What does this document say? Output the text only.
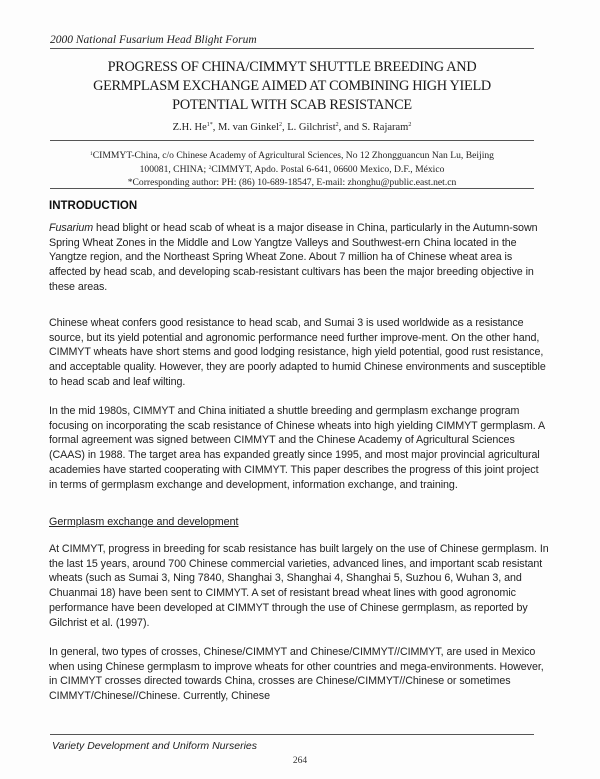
2000 National Fusarium Head Blight Forum
PROGRESS OF CHINA/CIMMYT SHUTTLE BREEDING AND
GERMPLASM EXCHANGE AIMED AT COMBINING HIGH YIELD
POTENTIAL WITH SCAB RESISTANCE
Z.H. $He^{1*}$, M. van Ginkel$^2$, L. Gilchrist$^2$, and S. Rajaram$^2$
$^1$CIMMYT-China, c/o Chinese Academy of Agricultural Sciences, No 12 Zhongguancun Nan Lu, Beijing
100081, CHINA; $^2$CIMMYT, Apdo. Postal 6-641, 06600 Mexico, D.F., México
*Corresponding author: PH: (86) 10-689-18547, E-mail: zhonghu@public.east.net.cn
INTRODUCTION

Fusarium head blight or head scab of wheat is a major disease in China, particularly in the Autumn-sown Spring Wheat Zones in the Middle and Low Yangtze Valleys and Southwest-ern China located in the Yangtze region, and the Northeast Spring Wheat Zone. About 7 million ha of Chinese wheat area is affected by head scab, and developing scab-resistant cultivars has been the major breeding objective in these areas.

Chinese wheat confers good resistance to head scab, and Sumai 3 is used worldwide as a resistance source, but its yield potential and agronomic performance need further improve-ment. On the other hand, CIMMYT wheats have short stems and good lodging resistance, high yield potential, good rust resistance, and acceptable quality. However, they are poorly adapted to humid Chinese environments and susceptible to head scab and leaf wilting.

In the mid 1980s, CIMMYT and China initiated a shuttle breeding and germplasm exchange program focusing on incorporating the scab resistance of Chinese wheats into high yielding CIMMYT germplasm. A formal agreement was signed between CIMMYT and the Chinese Academy of Agricultural Sciences (CAAS) in 1988. The target area has expanded greatly since 1995, and most major provincial agricultural academies have started cooperating with CIMMYT. This paper describes the progress of this joint project in terms of germplasm exchange and development, information exchange, and training.

Germplasm exchange and development

At CIMMYT, progress in breeding for scab resistance has built largely on the use of Chinese germplasm. In the last 15 years, around 700 Chinese commercial varieties, advanced lines, and important scab resistant wheats (such as Sumai 3, Ning 7840, Shanghai 3, Shanghai 4, Shanghai 5, Suzhou 6, Wuhan 3, and Chuanmai 18) have been sent to CIMMYT. A set of resistant bread wheat lines with good agronomic performance have been developed at CIMMYT through the use of Chinese germplasm, as reported by Gilchrist et al. (1997).

In general, two types of crosses, Chinese/CIMMYT and Chinese/CIMMYT//CIMMYT, are used in Mexico when using Chinese germplasm to improve wheats for other countries and mega-environments. However, in CIMMYT crosses directed towards China, crosses are Chinese/CIMMYT//Chinese or sometimes CIMMYT/Chinese//Chinese. Currently, Chinese

Variety Development and Uniform Nurseries
264
